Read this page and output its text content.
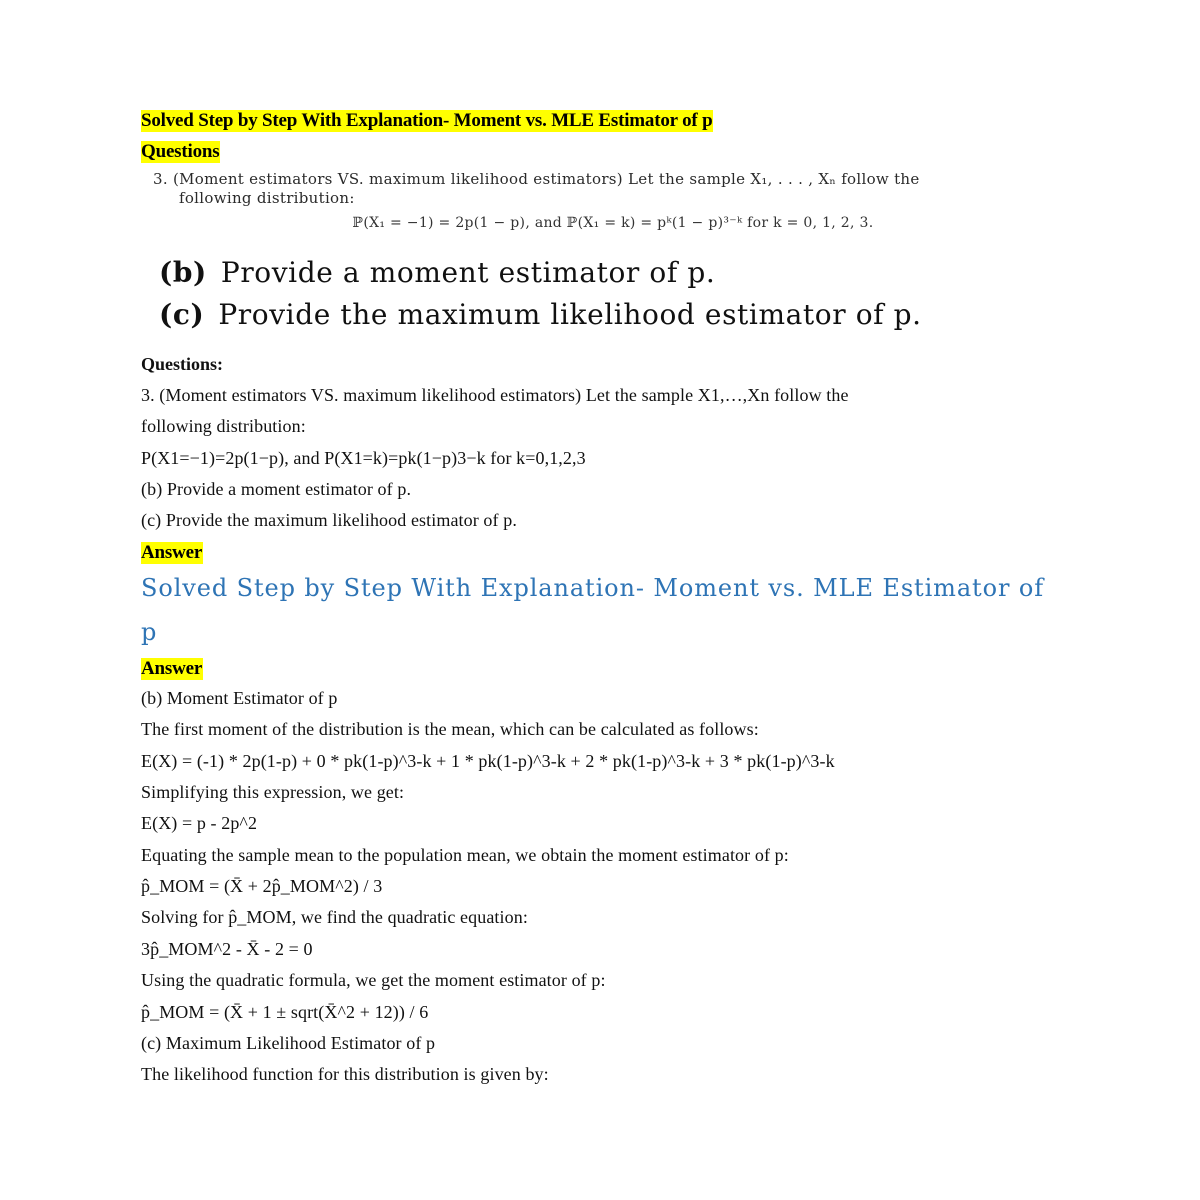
Solved Step by Step With Explanation- Moment vs. MLE Estimator of p
Questions
3. (Moment estimators VS. maximum likelihood estimators) Let the sample X₁, . . . , Xₙ follow the
following distribution:
ℙ(X₁ = −1) = 2p(1 − p), and ℙ(X₁ = k) = pᵏ(1 − p)³⁻ᵏ for k = 0, 1, 2, 3.
(b) Provide a moment estimator of p.
(c) Provide the maximum likelihood estimator of p.
Questions:
3. (Moment estimators VS. maximum likelihood estimators) Let the sample X1,…,Xn follow the
following distribution:
P(X1=−1)=2p(1−p), and P(X1=k)=pk(1−p)3−k for k=0,1,2,3
(b) Provide a moment estimator of p.
(c) Provide the maximum likelihood estimator of p.
Answer
Solved Step by Step With Explanation- Moment vs. MLE Estimator of
p
Answer
(b) Moment Estimator of p
The first moment of the distribution is the mean, which can be calculated as follows:
E(X) = (-1) * 2p(1-p) + 0 * pk(1-p)^3-k + 1 * pk(1-p)^3-k + 2 * pk(1-p)^3-k + 3 * pk(1-p)^3-k
Simplifying this expression, we get:
E(X) = p - 2p^2
Equating the sample mean to the population mean, we obtain the moment estimator of p:
p̂_MOM = (X̄ + 2p̂_MOM^2) / 3
Solving for p̂_MOM, we find the quadratic equation:
3p̂_MOM^2 - X̄ - 2 = 0
Using the quadratic formula, we get the moment estimator of p:
p̂_MOM = (X̄ + 1 ± sqrt(X̄^2 + 12)) / 6
(c) Maximum Likelihood Estimator of p
The likelihood function for this distribution is given by:
